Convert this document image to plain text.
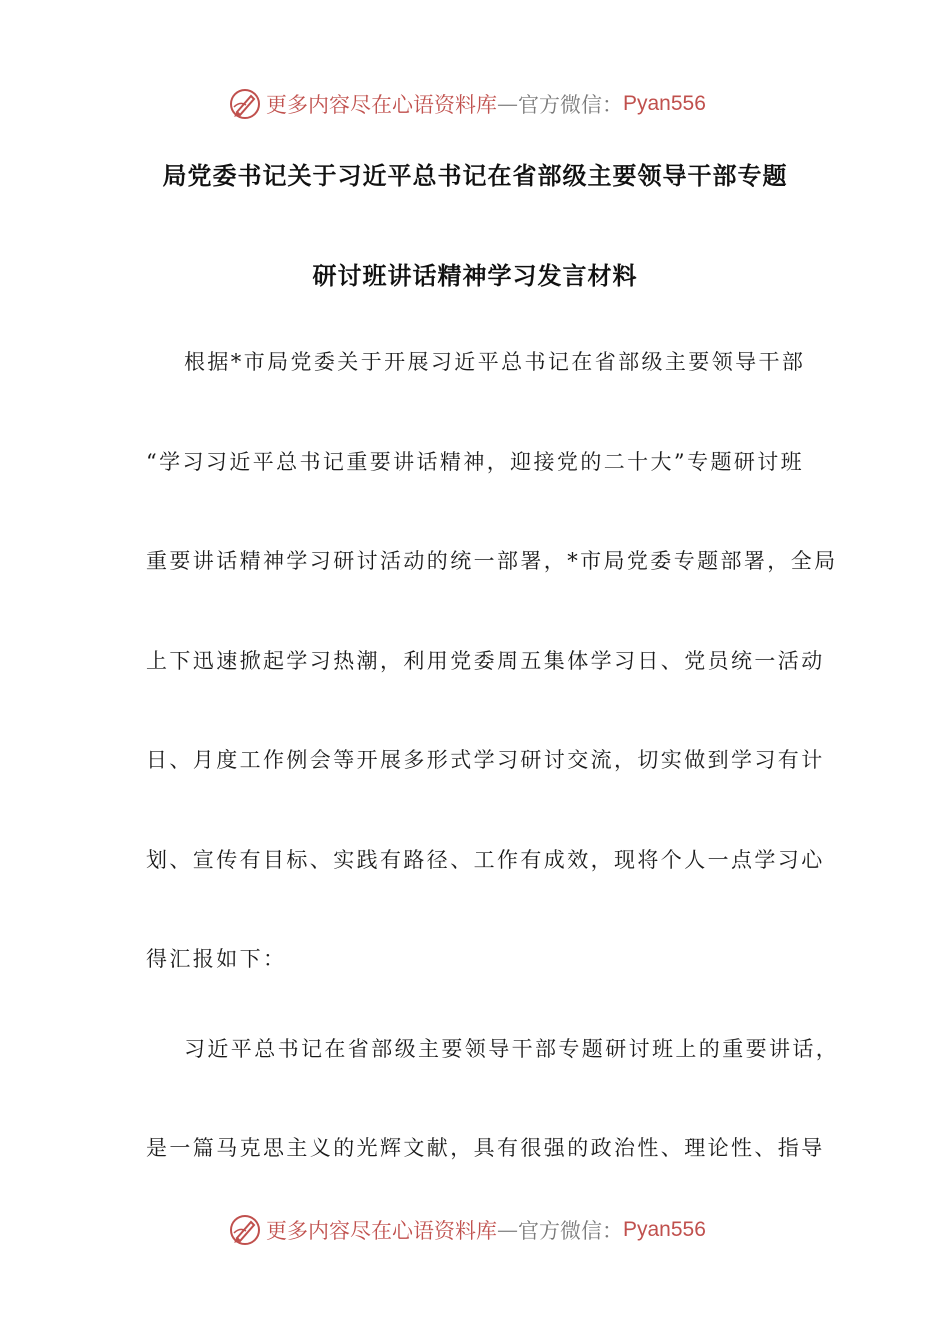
更多内容尽在心语资料库 — 官方微信： Pyan556
局党委书记关于习近平总书记在省部级主要领导干部专题
研讨班讲话精神学习发言材料
根据*市局党委关于开展习近平总书记在省部级主要领导干部
“学习习近平总书记重要讲话精神，迎接党的二十大”专题研讨班
重要讲话精神学习研讨活动的统一部署，*市局党委专题部署，全局
上下迅速掀起学习热潮，利用党委周五集体学习日、党员统一活动
日、月度工作例会等开展多形式学习研讨交流，切实做到学习有计
划、宣传有目标、实践有路径、工作有成效，现将个人一点学习心
得汇报如下：
习近平总书记在省部级主要领导干部专题研讨班上的重要讲话，
是一篇马克思主义的光辉文献，具有很强的政治性、理论性、指导
更多内容尽在心语资料库 — 官方微信： Pyan556
